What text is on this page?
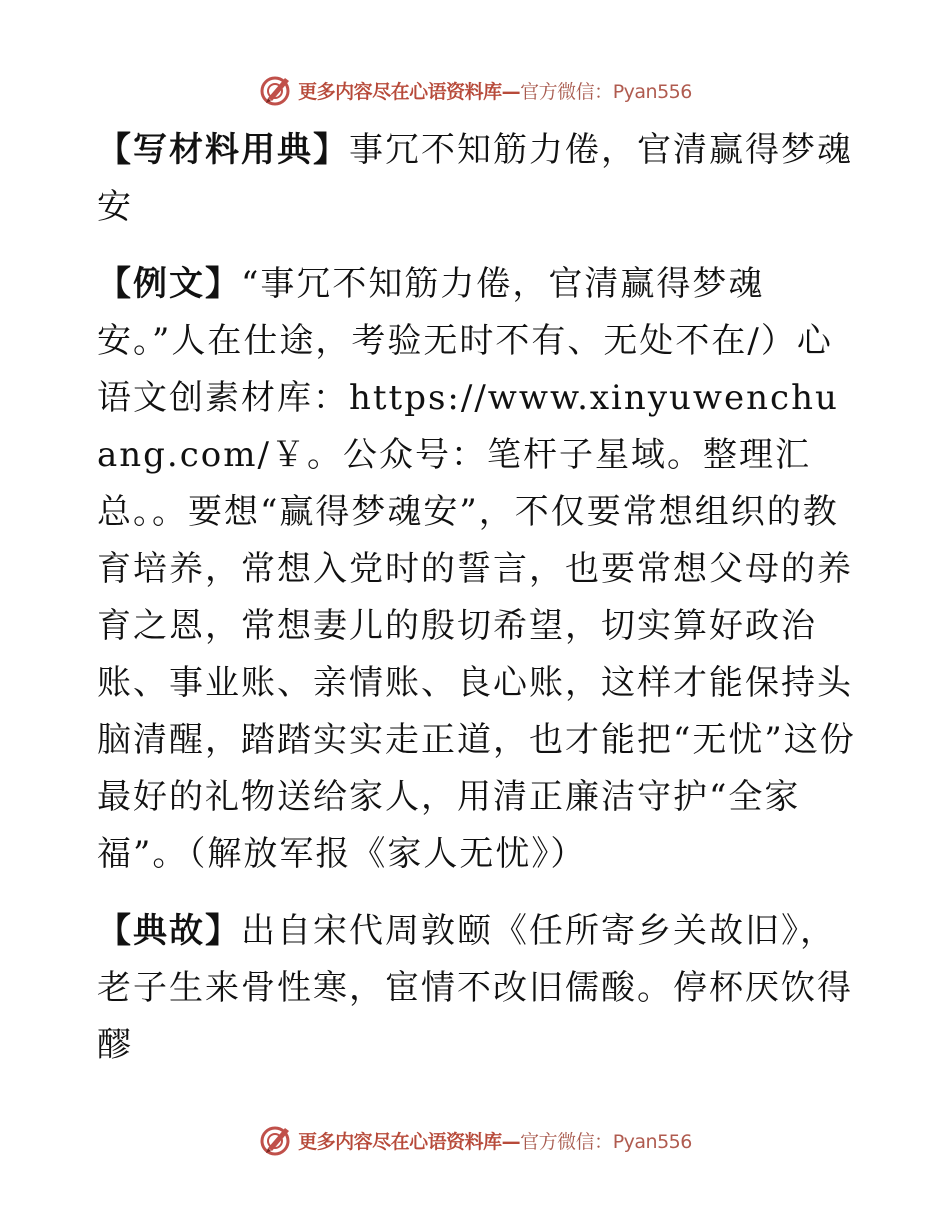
更多内容尽在心语资料库—官方微信：Pyan556

【写材料用典】事冗不知筋力倦，官清赢得梦魂安

【例文】“事冗不知筋力倦，官清赢得梦魂安。”人在仕途，考验无时不有、无处不在/）心语文创素材库：https://www.xinyuwenchuang.com/￥。公众号：笔杆子星域。整理汇总。。要想“赢得梦魂安”，不仅要常想组织的教育培养，常想入党时的誓言，也要常想父母的养育之恩，常想妻儿的殷切希望，切实算好政治账、事业账、亲情账、良心账，这样才能保持头脑清醒，踏踏实实走正道，也才能把“无忧”这份最好的礼物送给家人，用清正廉洁守护“全家福”。（解放军报《家人无忧》）

【典故】出自宋代周敦颐《任所寄乡关故旧》，老子生来骨性寒，宦情不改旧儒酸。停杯厌饮得醪

更多内容尽在心语资料库—官方微信：Pyan556
